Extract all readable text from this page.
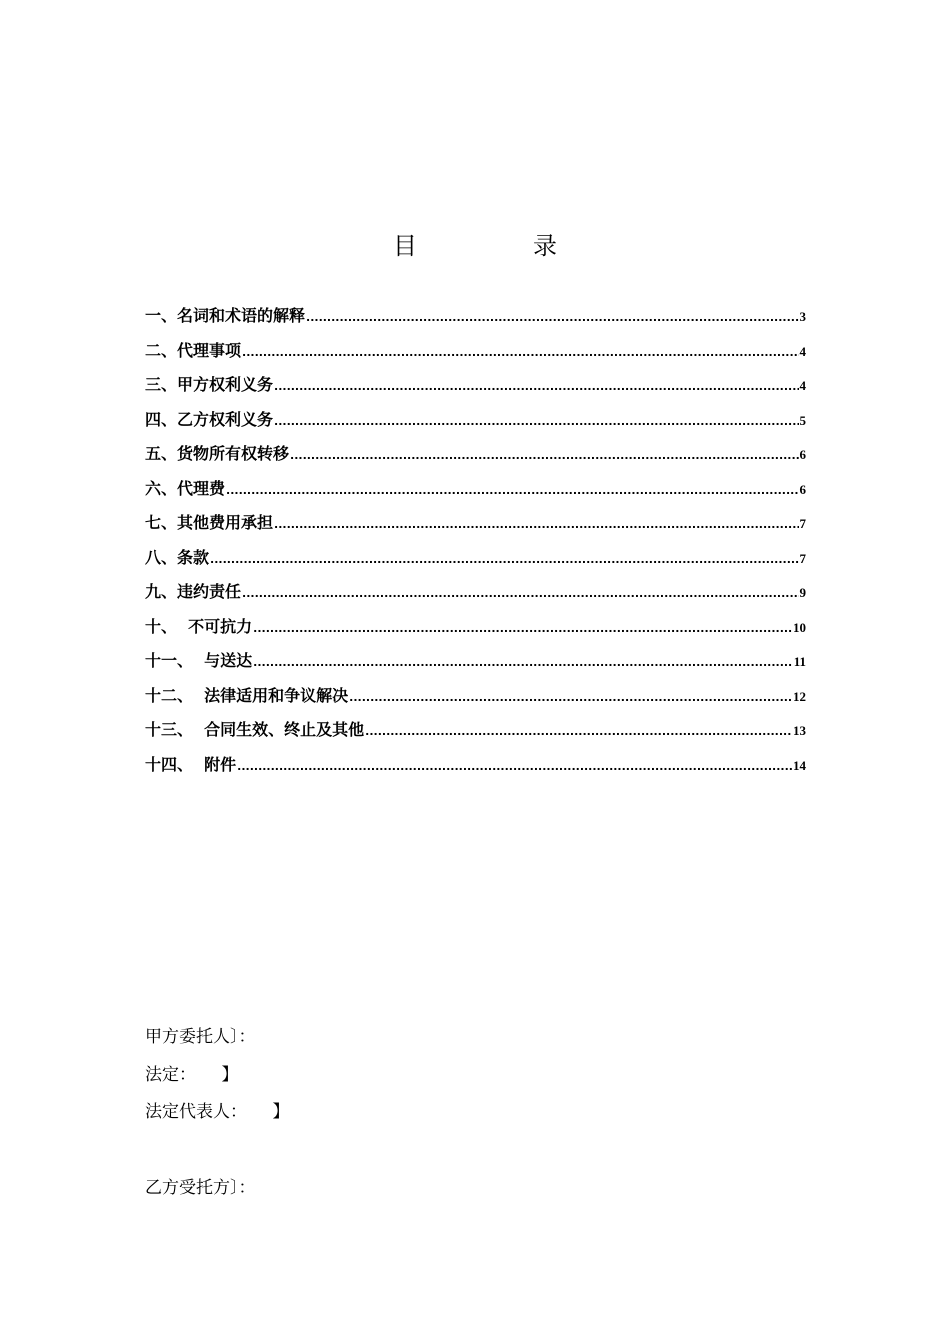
目　录
一、 名词和术语的解释 .....	3
二、 代理事项 .....	4
三、 甲方权利义务 .....	4
四、 乙方权利义务 .....	5
五、 货物所有权转移 .....	6
六、 代理费 .....	6
七、 其他费用承担 .....	7
八、 条款 .....	7
九、 违约责任 .....	9
十、 不可抗力 .....	10
十一、 与送达 .....	11
十二、 法律适用和争议解决 .....	12
十三、 合同生效、终止及其他 .....	13
十四、 附件 .....	14
甲方委托人〕：
法定：　　】
法定代表人：　　】
乙方受托方〕：
